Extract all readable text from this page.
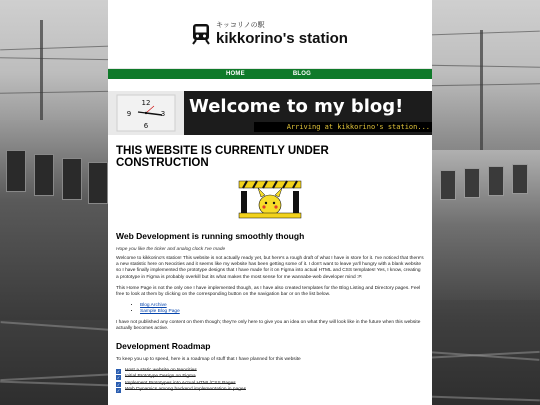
キッコリノの駅
kikkorino's station
HOME	BLOG
12
6
9	3 Welcome to my blog!
Arriving at kikkorino's station...
THIS WEBSITE IS CURRENTLY UNDER CONSTRUCTION
Web Development is running smoothly though

Hope you like the ticker and analog clock I've made

Welcome to kikkorino's station! This website is not actually ready yet, but here's a rough draft of what I have in store for it. I've noticed that there's a new statistic here on Neocities and it seems like my website has been getting some of it. I don't want to leave ya'll hungry with a blank website so I have finally implemented the prototype designs that I have made for it on Figma into actual HTML and CSS templates! Yes, I know, creating a prototype in Figma is probably overkill but its what makes the most sense for me wannabe-web developer mind :P.

This Home Page is not the only one I have implemented though, as I have also created templates for the Blog Listing and Directory pages. Feel free to look at them by clicking on the corresponding button on the navigation bar or on the list below.

• Blog Archive
• Sample Blog Page

I have not published any content on them though; they're only here to give you an idea on what they will look like in the future when this website actually becomes active.

Development Roadmap

To keep you up to speed, here is a roadmap of stuff that I have planned for this website

✓ Host a static website on Neocities
✓ Initial Prototype Design on Figma
✓ Implement Prototypes into Actual HTML/CSS Pages
✓ Web Dynamics among backend implementation in pages
